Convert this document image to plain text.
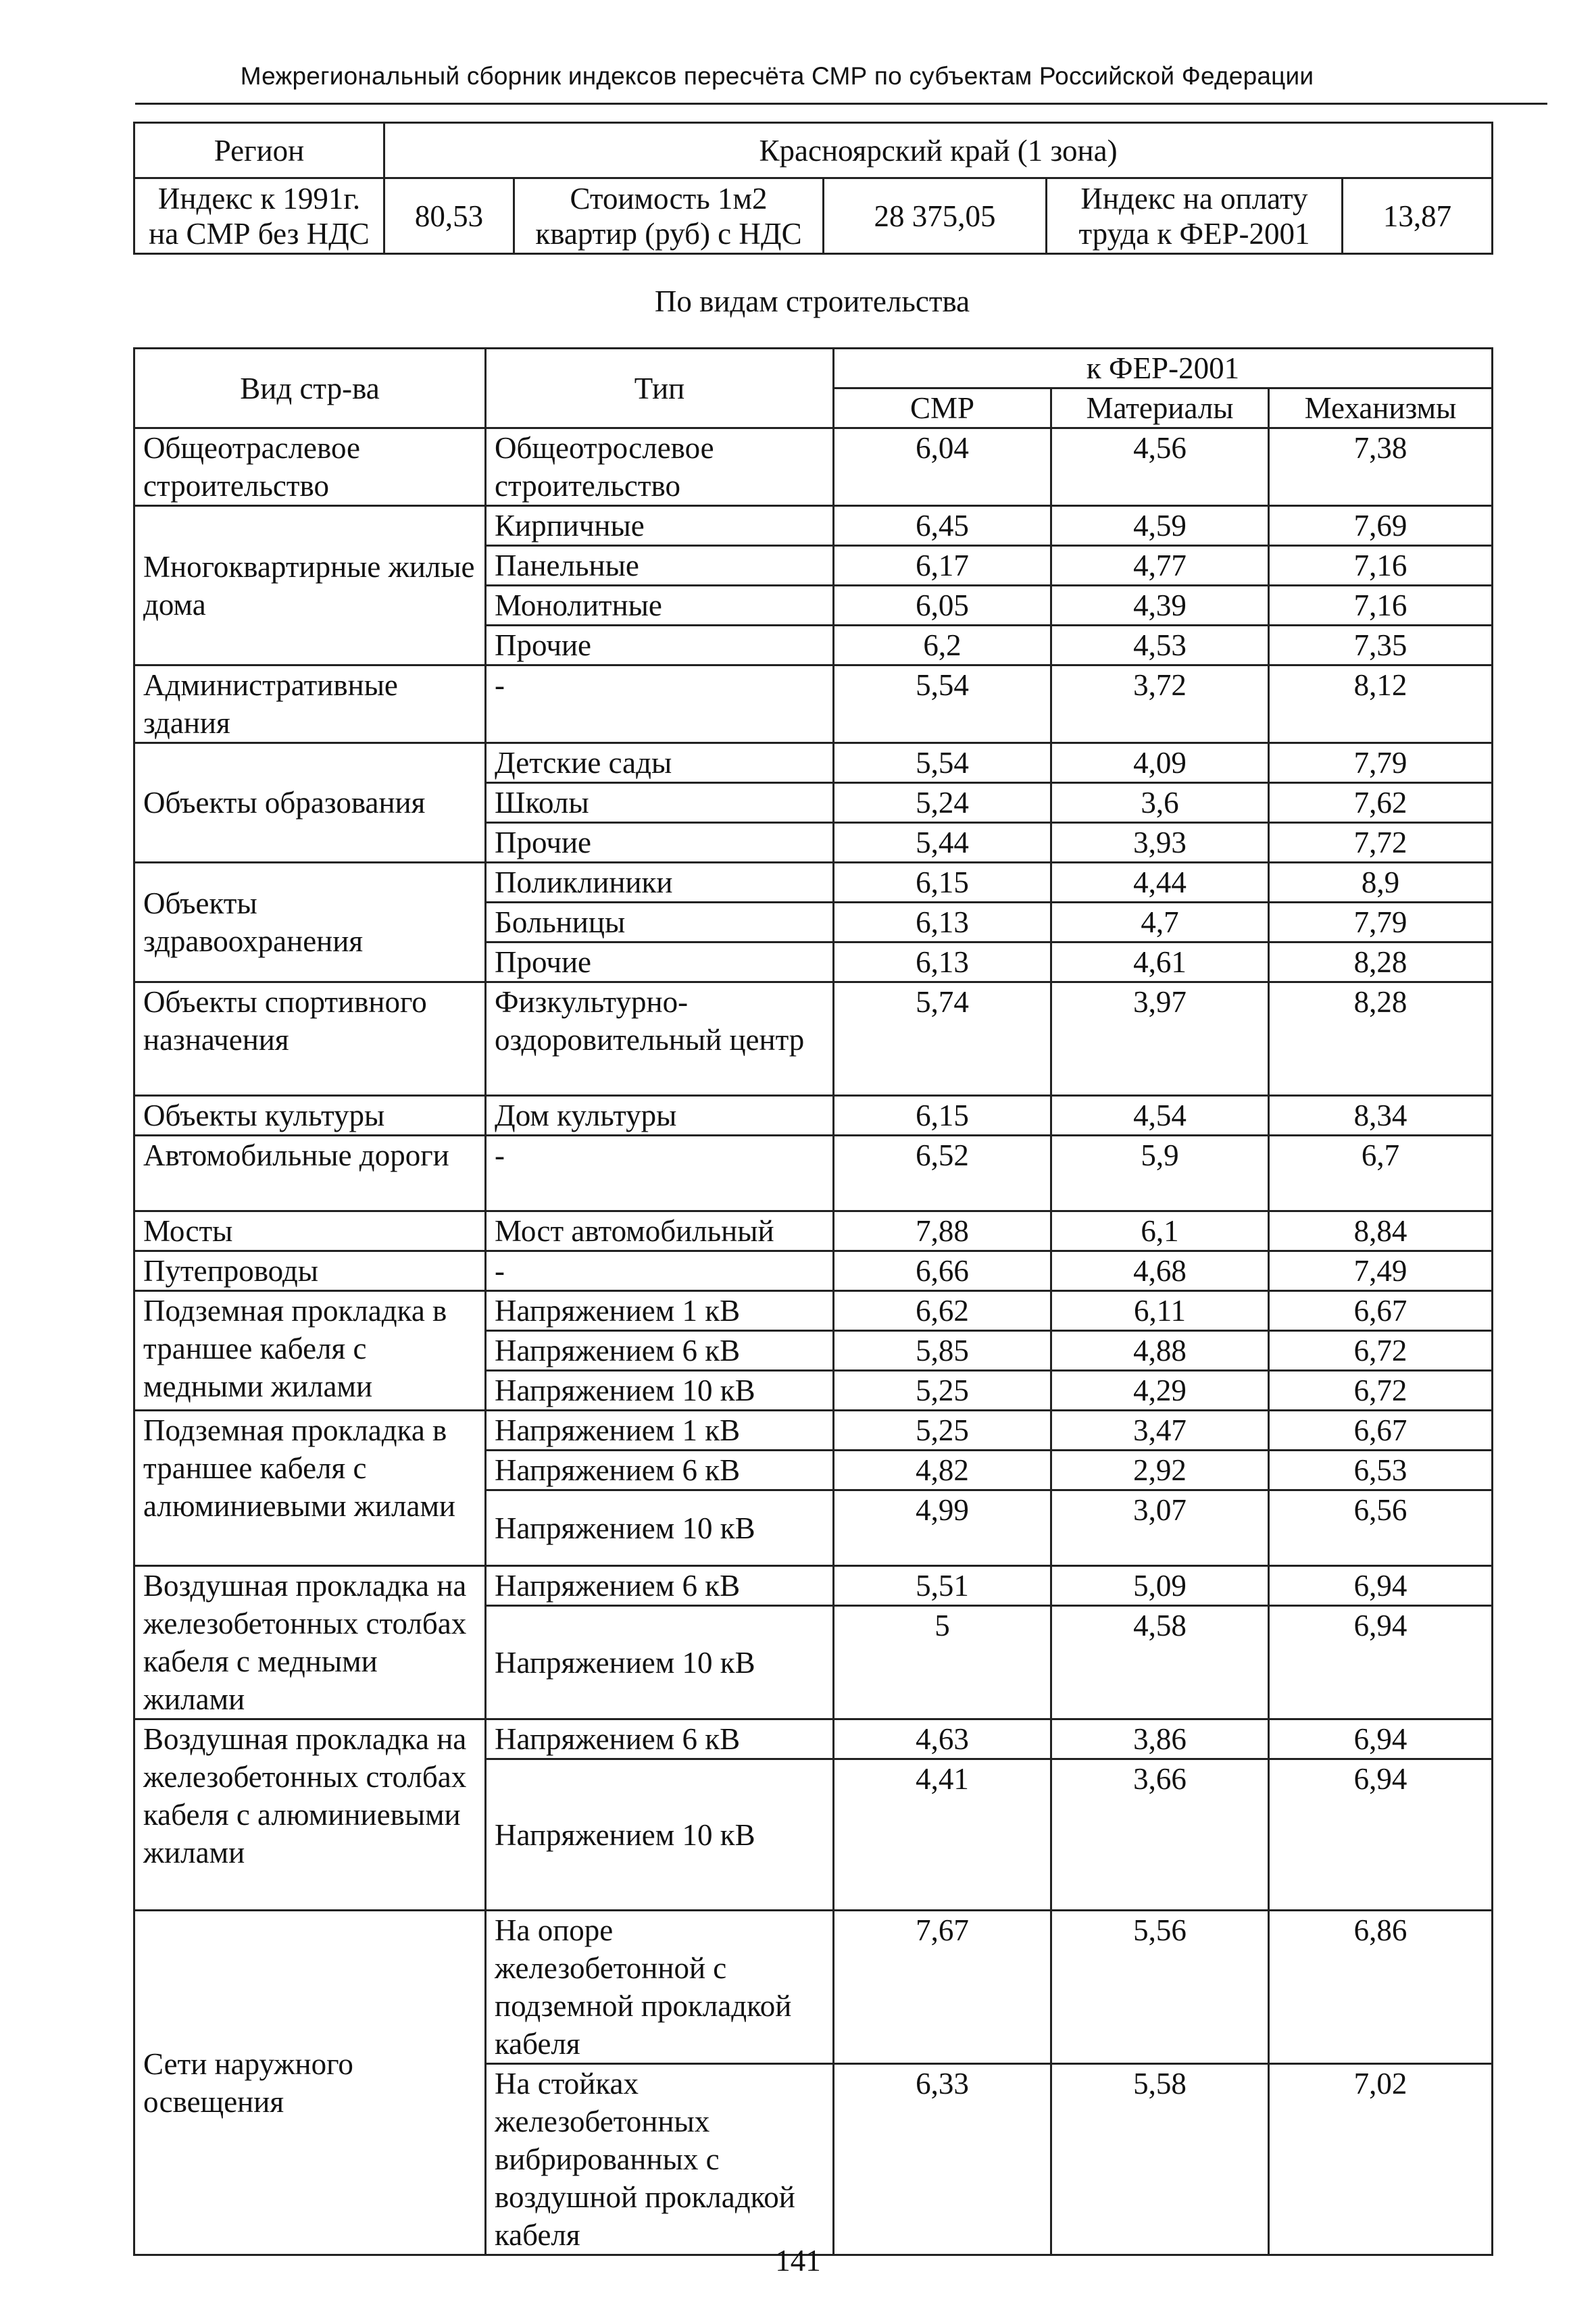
Межрегиональный сборник индексов пересчёта СМР по субъектам Российской Федерации
Регион	Красноярский край (1 зона)				
Индекс к 1991г. на СМР без НДС	80,53	Стоимость 1м2 квартир (руб) с НДС	28 375,05	Индекс на оплату труда к ФЕР-2001	13,87
По видам строительства
Вид стр-ва	Тип	к ФЕР-2001		
		СМР	Материалы	Механизмы
Общеотраслевое строительство	Общеотрослевое строительство	6,04	4,56	7,38
Многоквартирные жилые дома	Кирпичные	6,45	4,59	7,69
	Панельные	6,17	4,77	7,16
	Монолитные	6,05	4,39	7,16
	Прочие	6,2	4,53	7,35
Административные здания	-	5,54	3,72	8,12
Объекты образования	Детские сады	5,54	4,09	7,79
	Школы	5,24	3,6	7,62
	Прочие	5,44	3,93	7,72
Объекты здравоохранения	Поликлиники	6,15	4,44	8,9
	Больницы	6,13	4,7	7,79
	Прочие	6,13	4,61	8,28
Объекты спортивного назначения	Физкультурно-оздоровительный центр	5,74	3,97	8,28
Объекты культуры	Дом культуры	6,15	4,54	8,34
Автомобильные дороги	-	6,52	5,9	6,7
Мосты	Мост автомобильный	7,88	6,1	8,84
Путепроводы	-	6,66	4,68	7,49
Подземная прокладка в траншее кабеля с медными жилами	Напряжением 1 кВ	6,62	6,11	6,67
	Напряжением 6 кВ	5,85	4,88	6,72
	Напряжением 10 кВ	5,25	4,29	6,72
Подземная прокладка в траншее кабеля с алюминиевыми жилами	Напряжением 1 кВ	5,25	3,47	6,67
	Напряжением 6 кВ	4,82	2,92	6,53
	Напряжением 10 кВ	4,99	3,07	6,56
Воздушная прокладка на железобетонных столбах кабеля с медными жилами	Напряжением 6 кВ	5,51	5,09	6,94
	Напряжением 10 кВ	5	4,58	6,94
Воздушная прокладка на железобетонных столбах кабеля с алюминиевыми жилами	Напряжением 6 кВ	4,63	3,86	6,94
	Напряжением 10 кВ	4,41	3,66	6,94
Сети наружного освещения	На опоре железобетонной с подземной прокладкой кабеля	7,67	5,56	6,86
	На стойках железобетонных вибрированных с воздушной прокладкой кабеля	6,33	5,58	7,02
141
